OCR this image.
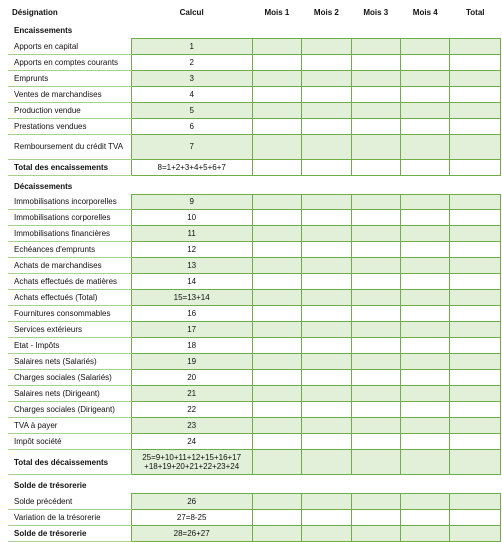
Désignation	Calcul	Mois 1	Mois 2	Mois 3	Mois 4	Total
Encaissements						
Apports en capital	1					
Apports en comptes courants	2					
Emprunts	3					
Ventes de marchandises	4					
Production vendue	5					
Prestations vendues	6					
Remboursement du crédit TVA	7					
Total des encaissements	8=1+2+3+4+5+6+7					
Décaissements						
Immobilisations incorporelles	9					
Immobilisations corporelles	10					
Immobilisations financières	11					
Echéances d'emprunts	12					
Achats de marchandises	13					
Achats effectués de matières	14					
Achats effectués (Total)	15=13+14					
Fournitures consommables	16					
Services extérieurs	17					
Etat - Impôts	18					
Salaires nets (Salariés)	19					
Charges sociales (Salariés)	20					
Salaires nets (Dirigeant)	21					
Charges sociales (Dirigeant)	22					
TVA à payer	23					
Impôt société	24					
Total des décaissements	25=9+10+11+12+15+16+17
+18+19+20+21+22+23+24					

Solde de trésorerie						
Solde précédent	26					
Variation de la trésorerie	27=8-25					
Solde de trésorerie	28=26+27					
